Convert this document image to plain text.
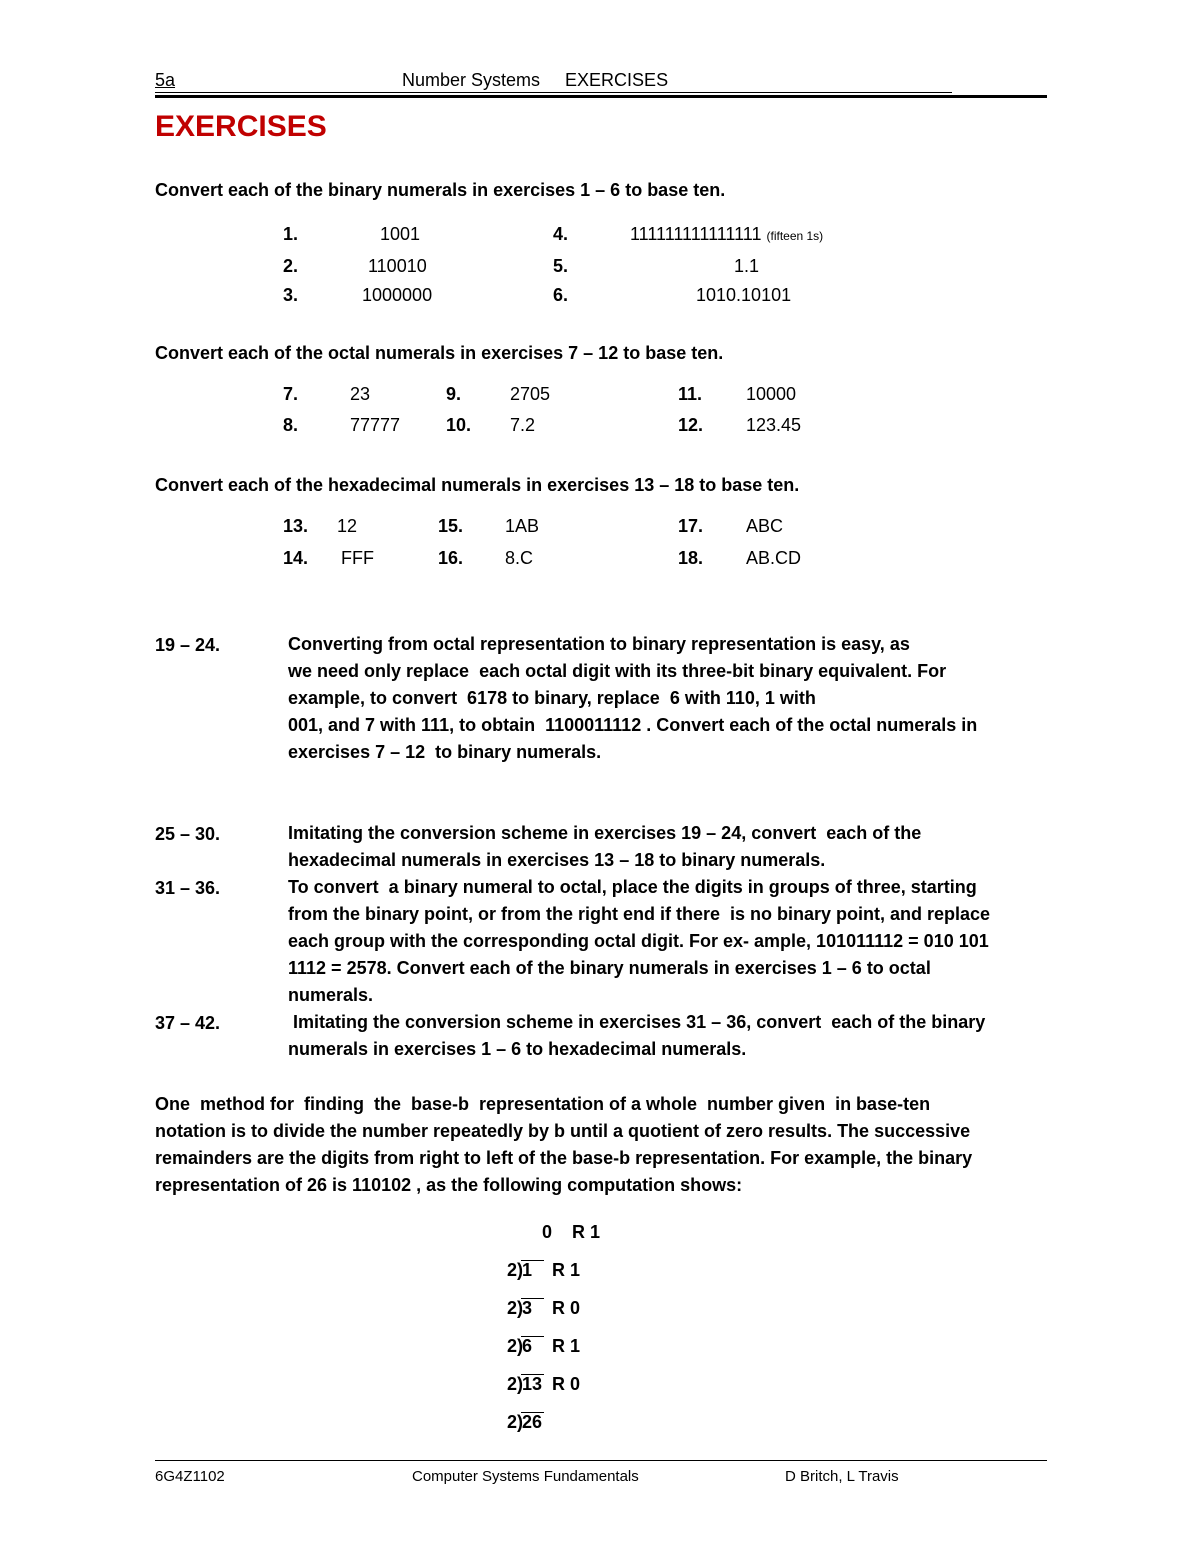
5a	Number Systems     EXERCISES
EXERCISES
Convert each of the binary numerals in exercises 1 – 6 to base ten.
1.	1001
2.	110010
3.	1000000
4.	111111111111111 (fifteen 1s)
5.	1.1
6.	1010.10101
Convert each of the octal numerals in exercises 7 – 12 to base ten.
7.	23
8.	77777
9.	2705
10. 7.2
11. 10000
12. 123.45
Convert each of the hexadecimal numerals in exercises 13 – 18 to base ten.
13. 12
14. FFF
15. 1AB
16. 8.C
17. ABC
18. AB.CD
19 – 24.	Converting from octal representation to binary representation is easy, as
we need only replace  each octal digit with its three-bit binary equivalent. For
example, to convert  6178 to binary, replace  6 with 110, 1 with
001, and 7 with 111, to obtain  1100011112 . Convert each of the octal numerals in
exercises 7 – 12  to binary numerals.
25 – 30.	Imitating the conversion scheme in exercises 19 – 24, convert  each of the
hexadecimal numerals in exercises 13 – 18 to binary numerals.
31 – 36.	To convert  a binary numeral to octal, place the digits in groups of three, starting
from the binary point, or from the right end if there  is no binary point, and replace
each group with the corresponding octal digit. For ex- ample, 101011112 = 010 101
1112 = 2578. Convert each of the binary numerals in exercises 1 – 6 to octal
numerals.
37 – 42.	Imitating the conversion scheme in exercises 31 – 36, convert  each of the binary
numerals in exercises 1 – 6 to hexadecimal numerals.
One  method for  finding  the  base-b  representation of a whole  number given  in base-ten
notation is to divide the number repeatedly by b until a quotient of zero results. The successive
remainders are the digits from right to left of the base-b representation. For example, the binary
representation of 26 is 110102 , as the following computation shows:
0 R 1
2)1 R 1
2)3 R 0
2)6 R 1
2)13 R 0
2)26
6G4Z1102	Computer Systems Fundamentals	D Britch, L Travis
